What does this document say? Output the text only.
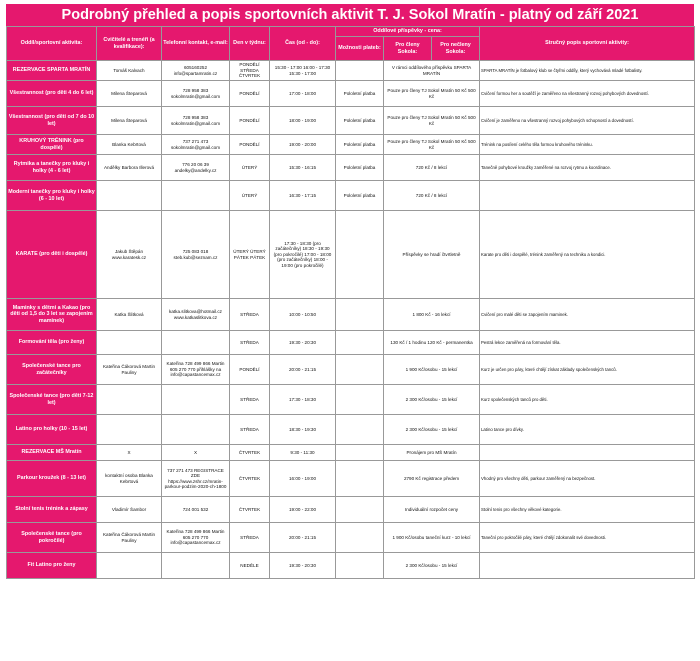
Podrobný přehled a popis sportovních aktivit T. J. Sokol Mratín - platný od září 2021
Oddíl/sportovní aktivita:	Cvičitelé a trenéři (a kvalifikace):	Telefonní kontakt, e-mail:	Den v týdnu:	Čas (od - do):	Oddílové příspěvky - cena:			Stručný popis sportovní aktivity:
					Možnosti plateb:	Pro členy Sokola:	Pro nečleny Sokola:	
REZERVACE SPARTA MRATÍN	Tomáš Kalvach	605160252 info@spartamratin.cz	PONDĚLÍ STŘEDA ČTVRTEK	15:30 - 17:00 16:00 - 17:30 15:30 - 17:00		V rámci oddílového příspěvku SPARTA MRATÍN		SPARTA MRATÍN je fotbalový klub se čtyřmi oddíly, který vychovává mladé fotbalisty.
Všestrannost (pro děti 4 do 6 let)	Milena Šteparová	728 958 383 sokolmratin@gmail.com	PONDĚLÍ	17:00 - 18:00	Pololetní platba	Pouze pro členy TJ Sokol Mratín 50 Kč 500 Kč		Cvičení formou her a soutěží je zaměřeno na všestranný rozvoj pohybových dovedností.
Všestrannost (pro děti od 7 do 10 let)	Milena Šteparová	728 958 383 sokolmratin@gmail.com	PONDĚLÍ	18:00 - 19:00	Pololetní platba	Pouze pro členy TJ Sokol Mratín 50 Kč 500 Kč		Cvičení je zaměřeno na všestranný rozvoj pohybových schopností a dovedností.
KRUHOVÝ TRÉNINK (pro dospělé)	Blanka Kebrtová	737 271 473 sokolmratin@gmail.com	PONDĚLÍ	19:00 - 20:00	Pololetní platba	Pouze pro členy TJ Sokol Mratín 50 Kč 500 Kč		Trénink na posílení celého těla formou kruhového tréninku.
Rytmika a tanečky pro kluky i holky (4 - 6 let)	Andělky Barbora Illerová	776 20 06 39 andelky@andelky.cz	ÚTERÝ	15:30 - 16:15	Pololetní platba	720 Kč / 8 lekcí		Tanečně pohybové kroužky zaměřené na rozvoj rytmu a koordinace.
Moderní tanečky pro kluky i holky (6 - 10 let)			ÚTERÝ	16:30 - 17:15	Pololetní platba	720 Kč / 8 lekcí		
KARATE (pro děti i dospělé)	Jakub Štěpán www.karatesk.cz	725 083 018 steb.kub@seznam.cz	ÚTERÝ ÚTERÝ PÁTEK PÁTEK	17:30 - 18:30 (pro začátečníky) 18:30 - 19:30 (pro pokročilé) 17:00 - 18:00 (pro začátečníky) 18:00 - 19:00 (pro pokročilé)		Příspěvky se hradí čtvrtletně		Karate pro děti i dospělé, trénink zaměřený na techniku a kondici.
Maminky s dětmi a Kakao (pro děti od 1,5 do 3 let se zapojením maminek)	Katka Šlitková	katka.slitkova@hotmail.cz www.katkaslitkova.cz	STŘEDA	10:00 - 10:50		1 800 Kč - 16 lekcí		Cvičení pro malé děti se zapojením maminek.
Formování těla (pro ženy)			STŘEDA	19:30 - 20:30		130 Kč / 1 hodinu 120 Kč - permanentka		Pestrá lekce zaměřená na formování těla.
Společenské tance pro začátečníky	Kateřina Čákorová Martin Pauliny	Kateřina 728 499 866 Martin 605 270 770 přihlášky na info@capastancemax.cz	PONDĚLÍ	20:00 - 21:15		1 900 Kč/osobu - 15 lekcí		Kurz je určen pro páry, které chtějí získat základy společenských tanců.
Společenské tance (pro děti 7-12 let)			STŘEDA	17:30 - 18:30		2 300 Kč/osobu - 15 lekcí		Kurz společenských tanců pro děti.
Latino pro holky (10 - 15 let)			STŘEDA	18:30 - 19:30		2 300 Kč/osobu - 15 lekcí		Latino tance pro dívky.
REZERVACE MŠ Mratín	X	X	ČTVRTEK	9:30 - 11:30		Pronájem pro MŠ Mratín		
Parkour kroužek (8 - 13 let)	kontaktní osoba Blanka Kebrtová	737 271 473 REGISTRACE ZDE https://www.zshr.cz/mratin-parkour-podzim-2020-ch-1800	ČTVRTEK	16:00 - 19:00		2790 Kč registrace předem		Vhodný pro všechny děti, parkour zaměřený na bezpečnost.
Stolní tenis trénink a zápasy	Vladimír Šambor	724 001 532	ČTVRTEK	19:00 - 22:00		Individuální rozpočet ceny		Stolní tenis pro všechny věkové kategorie.
Společenské tance (pro pokročilé)	Kateřina Čákorová Martin Pauliny	Kateřina 728 499 866 Martin 605 270 770 info@capastancemax.cz	STŘEDA	20:00 - 21:15		1 900 Kč/osobu taneční kurz - 10 lekcí		Taneční pro pokročilé páry, které chtějí zdokonalit své dovednosti.
Fit Latino pro ženy			NEDĚLE	19:30 - 20:30		2 300 Kč/osobu - 15 lekcí		
